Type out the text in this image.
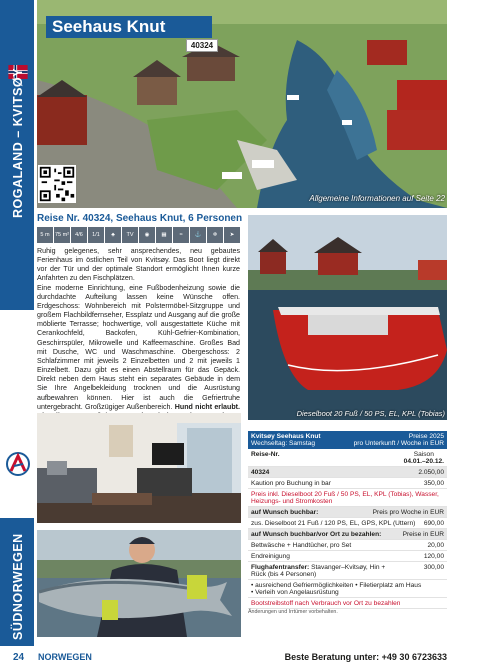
ROGALAND – KVITSØY
SÜDNORWEGEN
Seehaus Knut
40324
Allgemeine Informationen auf Seite 22
Reise Nr. 40324, Seehaus Knut, 6 Personen
5 m 75 m²	4/6	1/1	♣	TV	◉	▦	≈	⚓	❄	➤

Ruhig gelegenes, sehr ansprechendes, neu gebautes Ferienhaus im östlichen Teil von Kvitsøy. Das Boot liegt direkt vor der Tür und der optimale Standort ermöglicht Ihnen kurze Anfahrten zu den Fischplätzen.

Eine moderne Einrichtung, eine Fußbodenheizung sowie die durchdachte Aufteilung lassen keine Wünsche offen. Erdgeschoss: Wohnbereich mit Polstermöbel-Sitzgruppe und großem Flachbildfernseher, Essplatz und Ausgang auf die große möblierte Terrasse; hochwertige, voll ausgestattete Küche mit Cerankochfeld, Backofen, Kühl-Gefrier-Kombination, Geschirrspüler, Mikrowelle und Kaffeemaschine. Großes Bad mit Dusche, WC und Waschmaschine. Obergeschoss: 2 Schlafzimmer mit jeweils 2 Einzelbetten und 2 mit jeweils 1 Einzelbett. Dazu gibt es einen Abstellraum für das Gepäck. Direkt neben dem Haus steht ein separates Gebäude in dem Sie Ihre Angelbekleidung trocknen und die Ausrüstung aufbewahren können. Hier ist auch die Gefriertruhe untergebracht. Großzügiger Außenbereich. Hund nicht erlaubt.

Dieselboot 20 Fuß / 50 PS, EL, KPL (Tobias)
Kvitsøy Seehaus Knut	Preise 2025
Wechseltag: Samstag	pro Unterkunft / Woche in EUR
Reise-Nr.	Saison
04.01.–20.12.
40324	2.050,00
Kaution pro Buchung in bar	350,00
Preis inkl. Dieselboot 20 Fuß / 50 PS, EL, KPL (Tobias), Wasser, Heizungs- und Stromkosten
auf Wunsch buchbar:	Preis pro Woche in EUR
zus. Dieselboot 21 Fuß / 120 PS, EL, GPS, KPL (Uttern) 690,00
auf Wunsch buchbar/vor Ort zu bezahlen:	Preise in EUR
Bettwäsche + Handtücher, pro Set	20,00
Endreinigung	120,00
Flughafentransfer: Stavanger–Kvitsøy, Hin + Rück (bis 4 Personen)
300,00
• ausreichend Gefriermöglichkeiten • Filetierplatz am Haus
• Verleih von Angelausrüstung
Bootstreibstoff nach Verbrauch vor Ort zu bezahlen
Änderungen und Irrtümer vorbehalten.
24 NORWEGEN	Beste Beratung unter: +49 30 6723633
